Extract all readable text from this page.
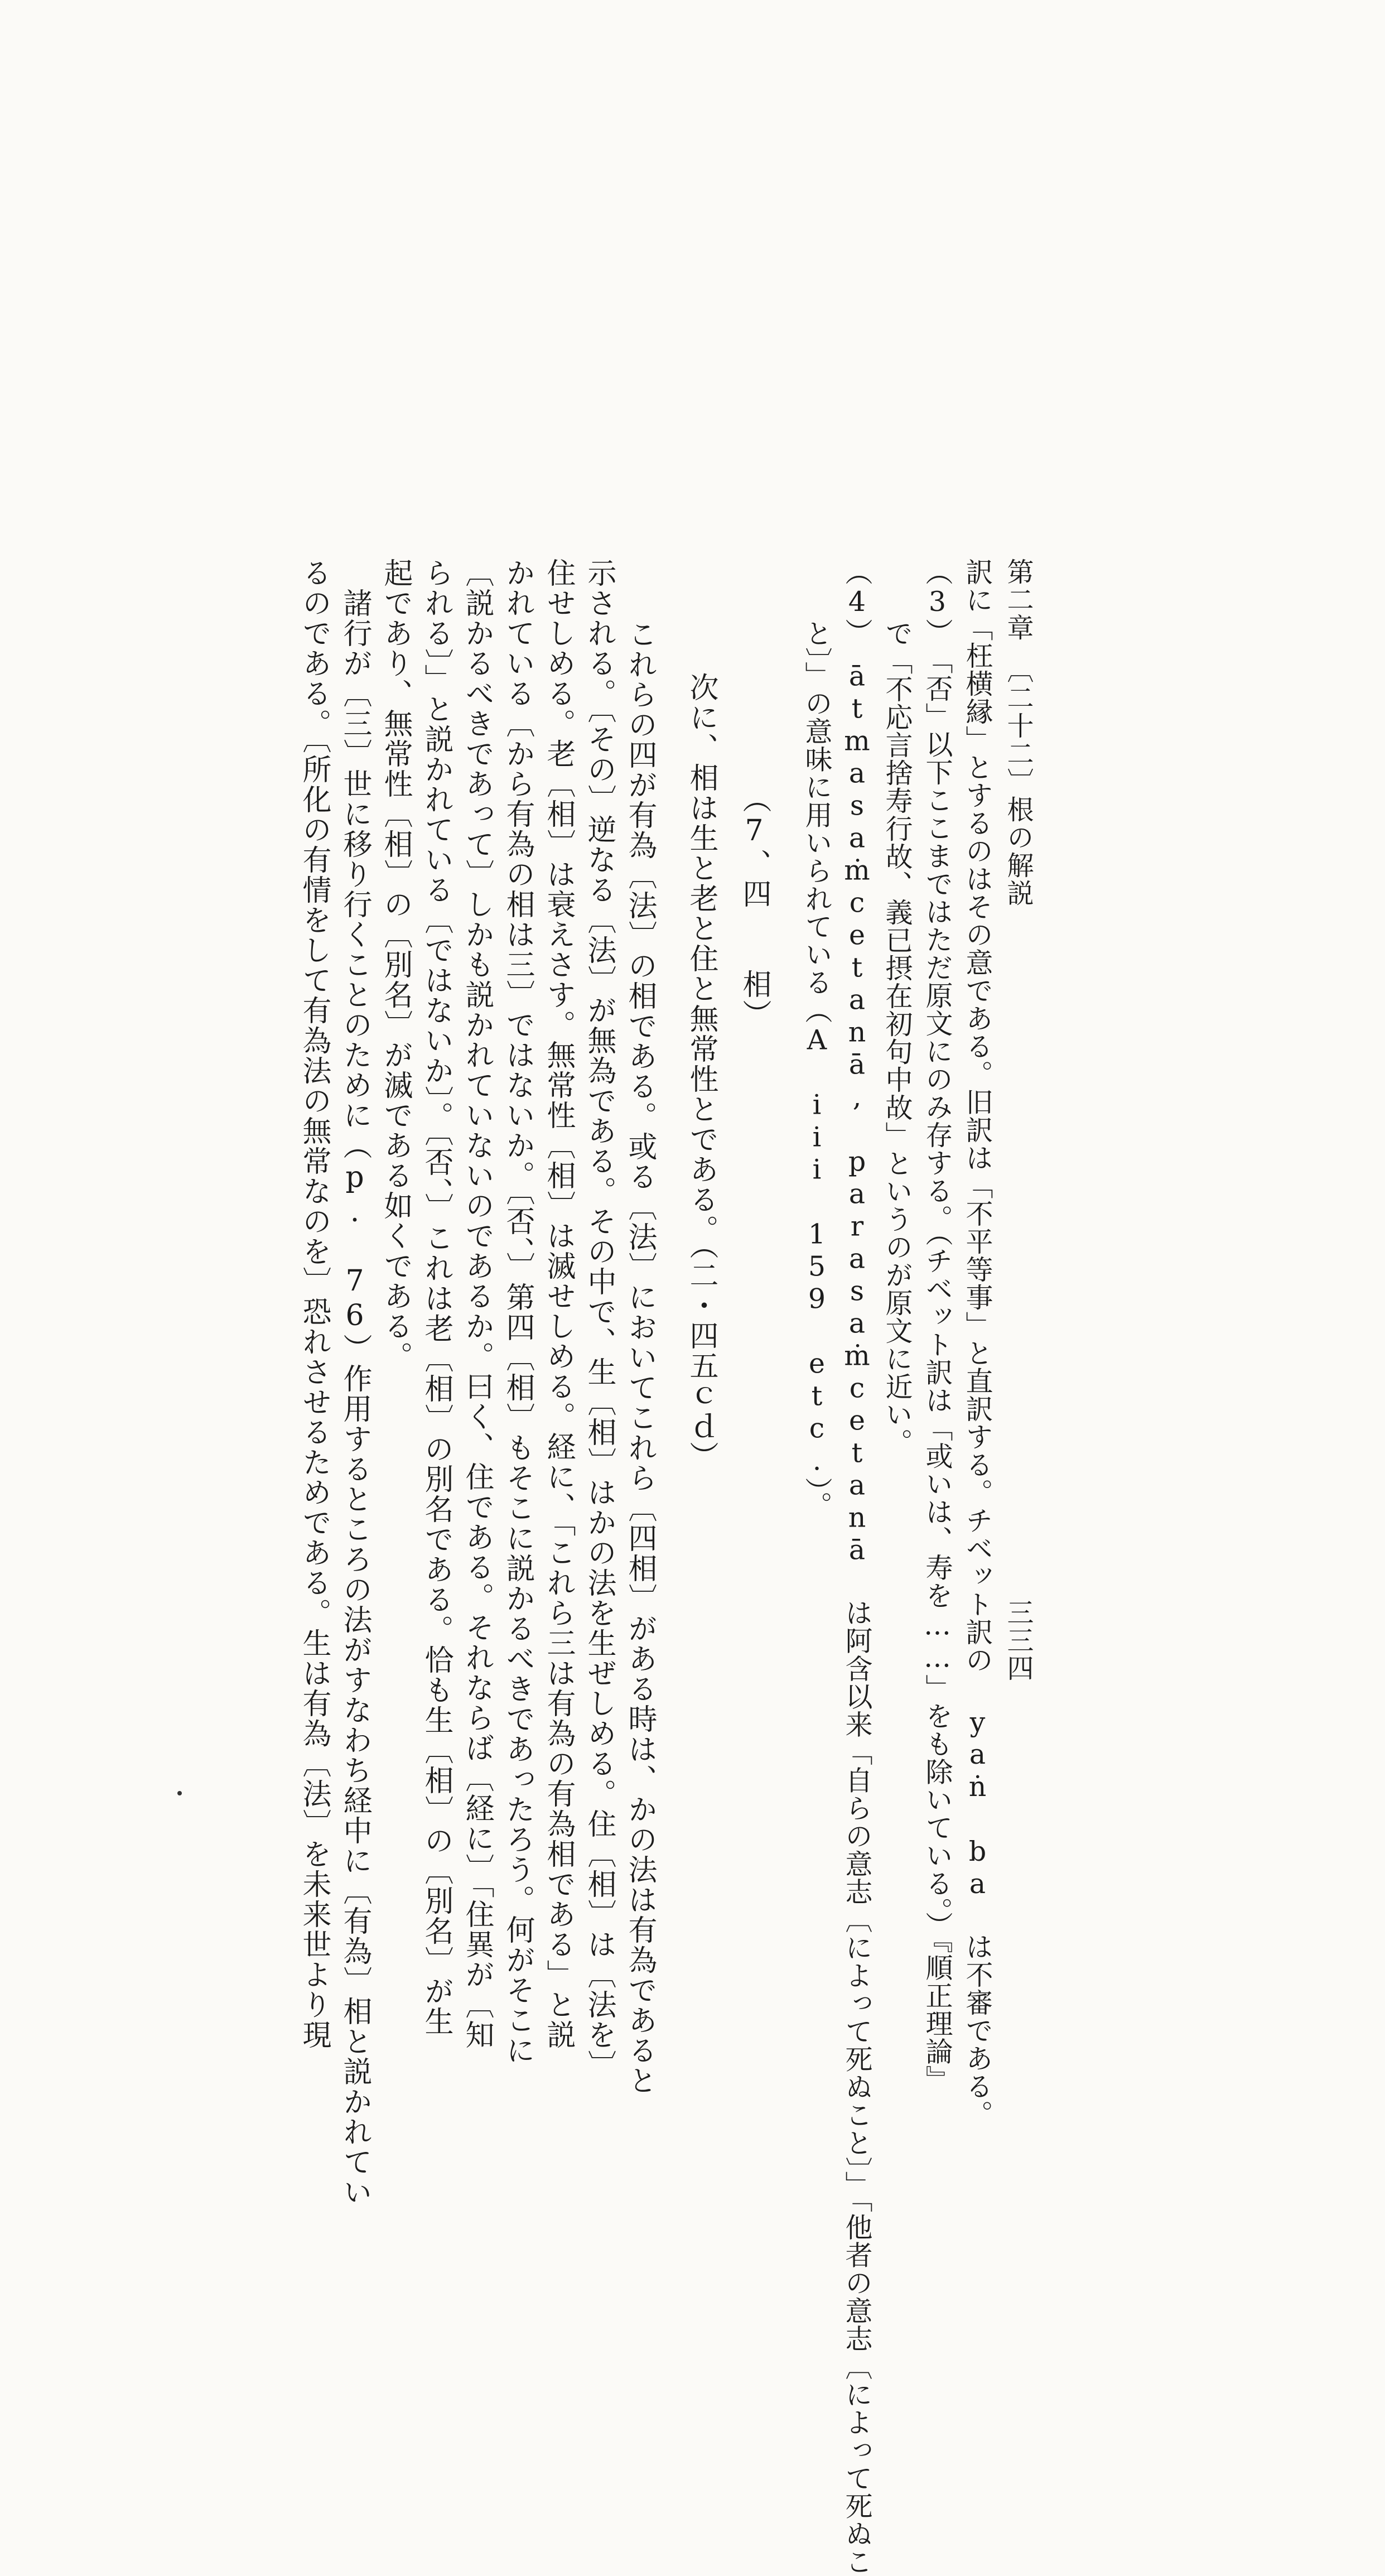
第二章　〔二十二〕根の解説
三三四
訳に「枉横縁」とするのはその意である。旧訳は「不平等事」と直訳する。チベット訳の yaṅ ba は不審である。
（3）　「否」以下ここまではただ原文にのみ存する。（チベット訳は「或いは、寿を……」をも除いている。）『順正理論』
で「不応言捨寿行故、義已摂在初句中故」というのが原文に近い。
（4）　ātmasaṁcetanā, parasaṁcetanā は阿含以来「自らの意志〔によって死ぬこと〕」「他者の意志〔によって死ぬこ
と〕」の意味に用いられている（A iii 159 etc.）。
（7、四　　相）
次に、相は生と老と住と無常性とである。（二・四五ｃｄ）
これらの四が有為〔法〕の相である。或る〔法〕においてこれら〔四相〕がある時は、かの法は有為であると
示される。〔その〕逆なる〔法〕が無為である。その中で、生〔相〕はかの法を生ぜしめる。住〔相〕は〔法を〕
住せしめる。老〔相〕は衰えさす。無常性〔相〕は滅せしめる。経に、「これら三は有為の有為相である」と説
かれている〔から有為の相は三〕ではないか。〔否、〕第四〔相〕もそこに説かるべきであったろう。何がそこに
〔説かるべきであって〕しかも説かれていないのであるか。曰く、住である。それならば〔経に〕「住異が〔知
られる〕」と説かれている〔ではないか〕。〔否、〕これは老〔相〕の別名である。恰も生〔相〕の〔別名〕が生
起であり、無常性〔相〕の〔別名〕が滅である如くである。
　諸行が〔三〕世に移り行くことのために（p. 76）作用するところの法がすなわち経中に〔有為〕相と説かれてい
るのである。〔所化の有情をして有為法の無常なのを〕恐れさせるためである。生は有為〔法〕を未来世より現
